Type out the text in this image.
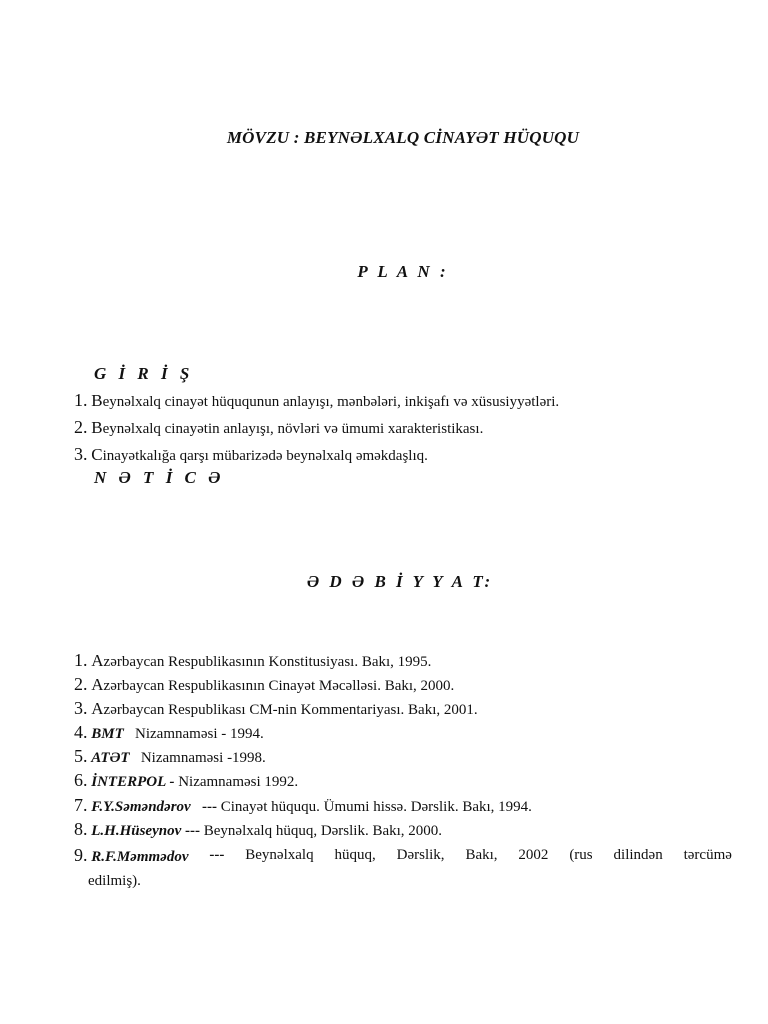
MÖVZU : BEYNƏLXALQ CİNAYƏT HÜQUQU
P L A N :
G İ R İ Ş
1. Beynəlxalq cinayət hüququnun anlayışı, mənbələri, inkişafı və xüsusiyyətləri.
2. Beynəlxalq cinayətin anlayışı, növləri və ümumi xarakteristikası.
3. Cinayətkalığa qarşı mübarizədə beynəlxalq əməkdaşlıq.
N Ə T İ C Ə
Ə D Ə B İ Y Y A T:
1. Azərbaycan Respublikasının Konstitusiyası. Bakı, 1995.
2. Azərbaycan Respublikasının Cinayət Məcəlləsi. Bakı, 2000.
3. Azərbaycan Respublikası CM-nin Kommentariyası. Bakı, 2001.
4. BMT Nizamnaməsi - 1994.
5. ATƏT Nizamnaməsi -1998.
6. İNTERPOL - Nizamnaməsi 1992.
7. F.Y.Səməndərov --- Cinayət hüququ. Ümumi hissə. Dərslik. Bakı, 1994.
8. L.H.Hüseynov --- Beynəlxalq hüquq, Dərslik. Bakı, 2000.
9. R.F.Məmmədov --- Beynəlxalq hüquq, Dərslik, Bakı, 2002 (rus dilindən tərcümə
edilmiş).
